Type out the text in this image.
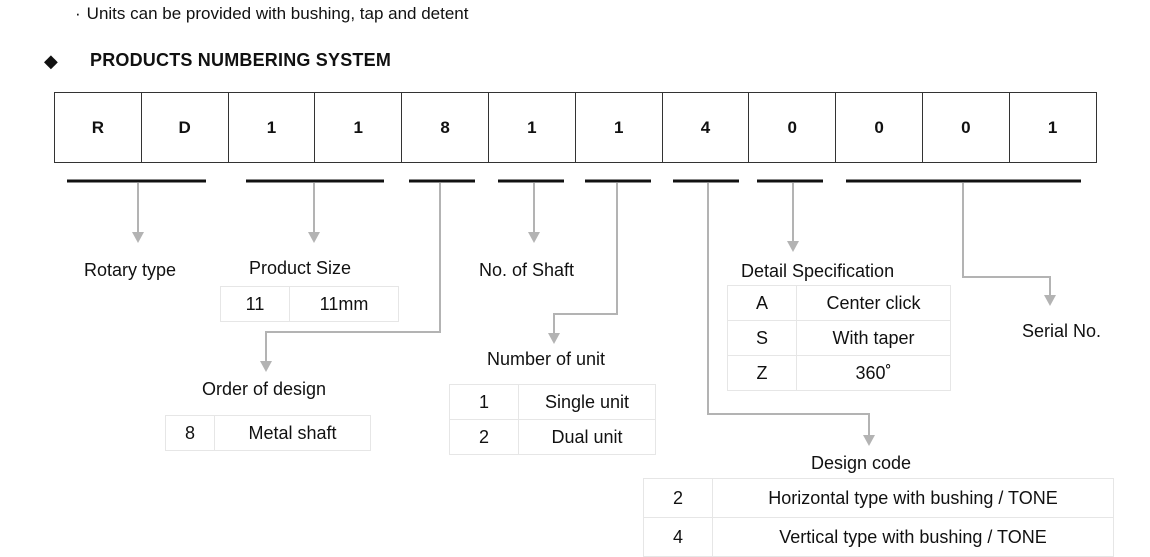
· Units can be provided with bushing, tap and detent
◆ PRODUCTS NUMBERING SYSTEM
R	D	1	1	8	1	1	4	0	0	0	1
Rotary type	Product Size	No. of Shaft	Detail Specification
Serial No.
Order of design
Number of unit
Design code
11	11mm
8	Metal shaft
1	Single unit
2	Dual unit
A	Center click
S	With taper
Z	360˚
2	Horizontal type with bushing / TONE
4	Vertical type with bushing / TONE
